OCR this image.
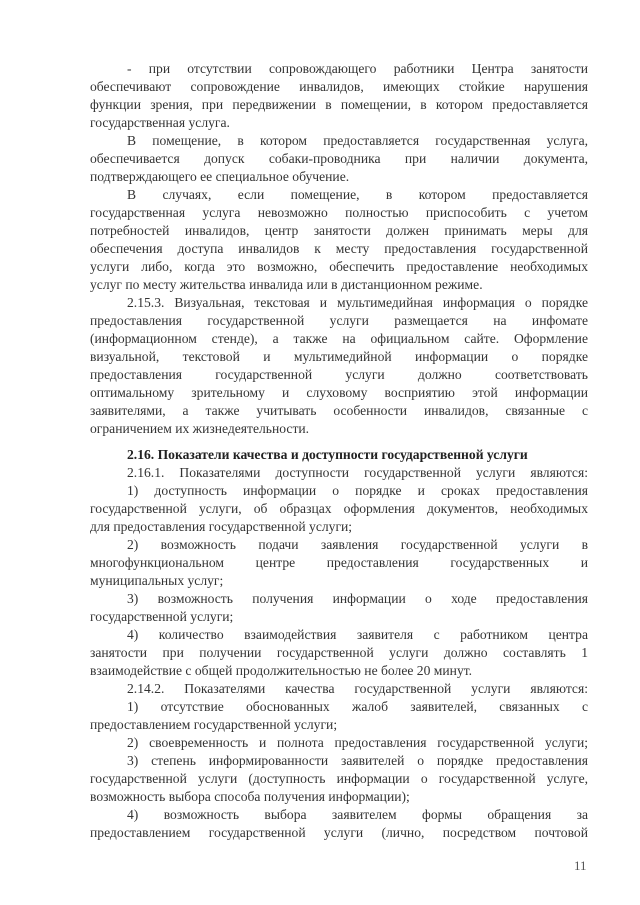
- при отсутствии сопровождающего работники Центра занятости
обеспечивают сопровождение инвалидов, имеющих стойкие нарушения
функции зрения, при передвижении в помещении, в котором предоставляется
государственная услуга.
В помещение, в котором предоставляется государственная услуга,
обеспечивается допуск собаки-проводника при наличии документа,
подтверждающего ее специальное обучение.
В случаях, если помещение, в котором предоставляется
государственная услуга невозможно полностью приспособить с учетом
потребностей инвалидов, центр занятости должен принимать меры для
обеспечения доступа инвалидов к месту предоставления государственной
услуги либо, когда это возможно, обеспечить предоставление необходимых
услуг по месту жительства инвалида или в дистанционном режиме.
2.15.3. Визуальная, текстовая и мультимедийная информация о порядке
предоставления государственной услуги размещается на инфомате
(информационном стенде), а также на официальном сайте. Оформление
визуальной, текстовой и мультимедийной информации о порядке
предоставления государственной услуги должно соответствовать
оптимальному зрительному и слуховому восприятию этой информации
заявителями, а также учитывать особенности инвалидов, связанные с
ограничением их жизнедеятельности.
2.16. Показатели качества и доступности государственной услуги
2.16.1. Показателями доступности государственной услуги являются:
1) доступность информации о порядке и сроках предоставления
государственной услуги, об образцах оформления документов, необходимых
для предоставления государственной услуги;
2) возможность подачи заявления государственной услуги в
многофункциональном центре предоставления государственных и
муниципальных услуг;
3) возможность получения информации о ходе предоставления
государственной услуги;
4) количество взаимодействия заявителя с работником центра
занятости при получении государственной услуги должно составлять 1
взаимодействие с общей продолжительностью не более 20 минут.
2.14.2. Показателями качества государственной услуги являются:
1) отсутствие обоснованных жалоб заявителей, связанных с
предоставлением государственной услуги;
2) своевременность и полнота предоставления государственной услуги;
3) степень информированности заявителей о порядке предоставления
государственной услуги (доступность информации о государственной услуге,
возможность выбора способа получения информации);
4) возможность выбора заявителем формы обращения за
предоставлением государственной услуги (лично, посредством почтовой
11
